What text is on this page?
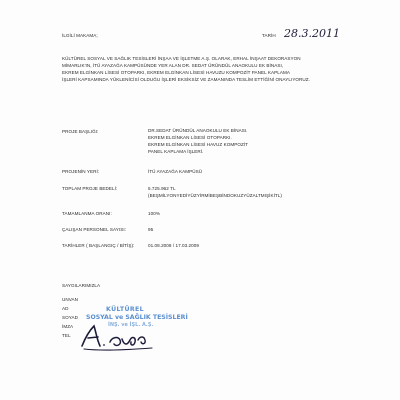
İLGİLİ MAKAMA;	TARİH 28.3.2011
KÜLTÜREL SOSYAL VE SAĞLIK TESİSLERİ İNŞAA VE İŞLETME A.Ş. OLARAK, ERHAL İNŞAAT DEKORASYON
MİMARLIK'IN, İTÜ AYAZAĞA KAMPÜSÜNDE YER ALAN DR. SEDAT ÜRÜNDÜL ANAOKULU EK BİNASI,
EKREM ELGİNKAN LİSESİ OTOPARKI, EKREM ELGİNKAN LİSESİ HAVUZU KOMPOZİT PANEL KAPLAMA
İŞLERİ KAPSAMINDA YÜKLENİCİSİ OLDUĞU İŞLERİ EKSİKSİZ VE ZAMANINDA TESLİM ETTİĞİNİ ONAYLIYORUZ.
PROJE BAŞLIĞI:	DR.SEDAT ÜRÜNDÜL ANAOKULU EK BİNASI.
EKREM ELGİNKAN LİSESİ OTOPARKI.
EKREM ELGİNKAN LİSESİ HAVUZ KOMPOZİT
PANEL KAPLAMA İŞLERİ.
PROJENİN YERİ:	İTÜ AYAZAĞA KAMPÜSÜ
TOPLAM PROJE BEDELİ:	5.725.962 TL
(BEŞMİLYONYEDİYÜZYİRMİBEŞBİNDOKUZYÜZALTMIŞİKİTL)
TAMAMLANMA ORANI:	100%
ÇALIŞAN PERSONEL SAYISI:	95
TARİHLER ( BAŞLANGIÇ / BİTİŞ):	01.08.2008 / 17.03.2009
SAYGILARIMIZLA
UNVAN
AD
SOYAD
İMZA
TEL
KÜLTÜREL
SOSYAL ve SAĞLIK TESİSLERİ
İNŞ. ve İŞL. A.Ş.
